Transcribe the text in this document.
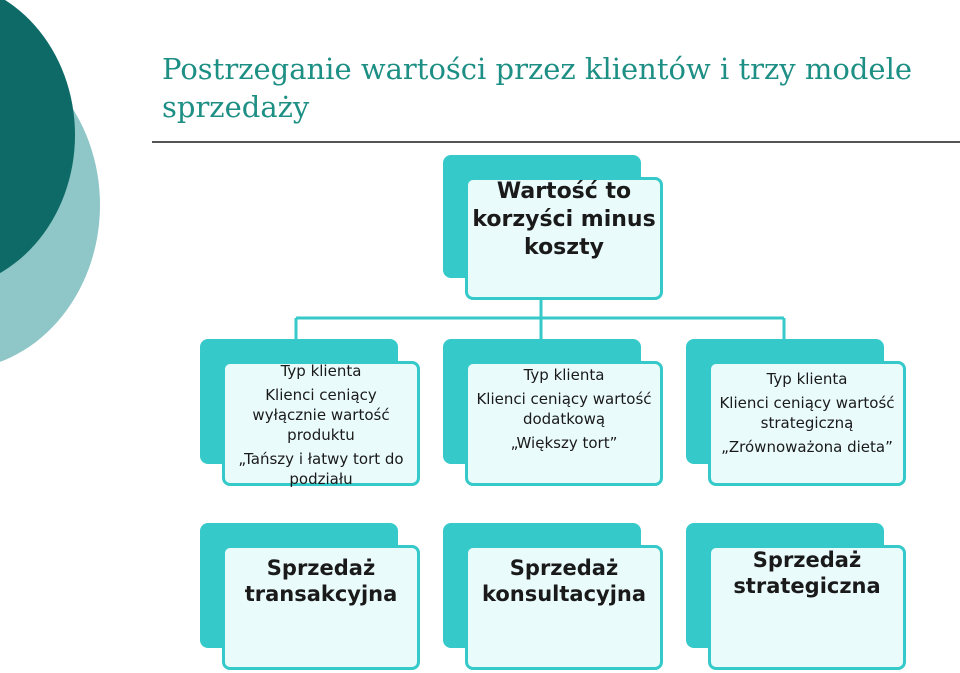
Postrzeganie wartości przez klientów i trzy modele sprzedaży
Wartość to korzyści minus koszty
Typ klienta
Klienci ceniący wyłącznie wartość produktu
„Tańszy i łatwy tort do podziału
Typ klienta
Klienci ceniący wartość dodatkową
„Większy tort”
Typ klienta
Klienci ceniący wartość strategiczną
„Zrównoważona dieta”
Sprzedaż transakcyjna
Sprzedaż konsultacyjna
Sprzedaż strategiczna
